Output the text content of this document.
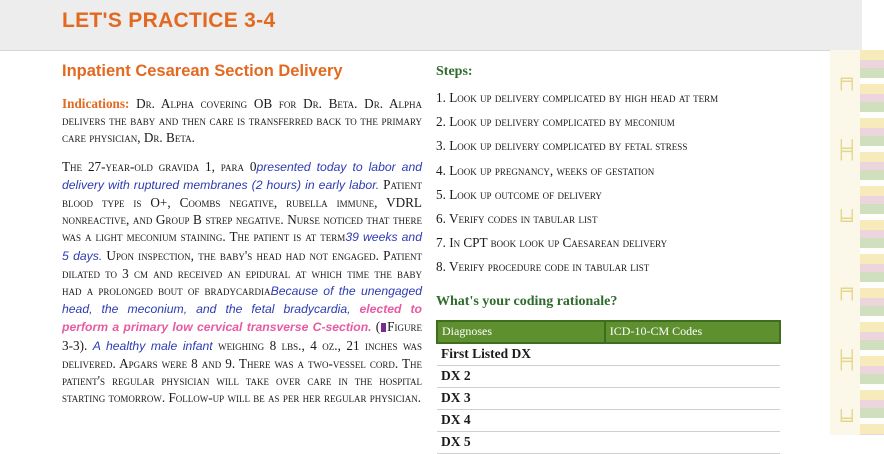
LET'S PRACTICE 3-4
╒╕
╞╡
╘╛
╒╕
╞╡
╘╛
Inpatient Cesarean Section Delivery

Indications: Dr. Alpha covering OB for Dr. Beta. Dr. Alpha delivers the baby and then care is transferred back to the primary care physician, Dr. Beta.

The 27-year-old gravida 1, para 0presented today to labor and delivery with ruptured membranes (2 hours) in early labor. Patient blood type is O+, Coombs negative, rubella immune, VDRL nonreactive, and Group B strep negative. Nurse noticed that there was a light meconium staining. The patient is at term39 weeks and 5 days. Upon inspection, the baby's head had not engaged. Patient dilated to 3 cm and received an epidural at which time the baby had a prolonged bout of bradycardiaBecause of the unengaged head, the meconium, and the fetal bradycardia, elected to perform a primary low cervical transverse C-section. ( Figure 3-3). A healthy male infant weighing 8 lbs., 4 oz., 21 inches was delivered. Apgars were 8 and 9. There was a two-vessel cord. The patient's regular physician will take over care in the hospital starting tomorrow. Follow-up will be as per her regular physician.

Steps:
1. Look up delivery complicated by high head at term
2. Look up delivery complicated by meconium
3. Look up delivery complicated by fetal stress
4. Look up pregnancy, weeks of gestation
5. Look up outcome of delivery
6. Verify codes in tabular list
7. In CPT book look up Caesarean delivery
8. Verify procedure code in tabular list
What's your coding rationale?
Diagnoses	ICD-10-CM Codes
First Listed DX	
DX 2	
DX 3	
DX 4	
DX 5	
